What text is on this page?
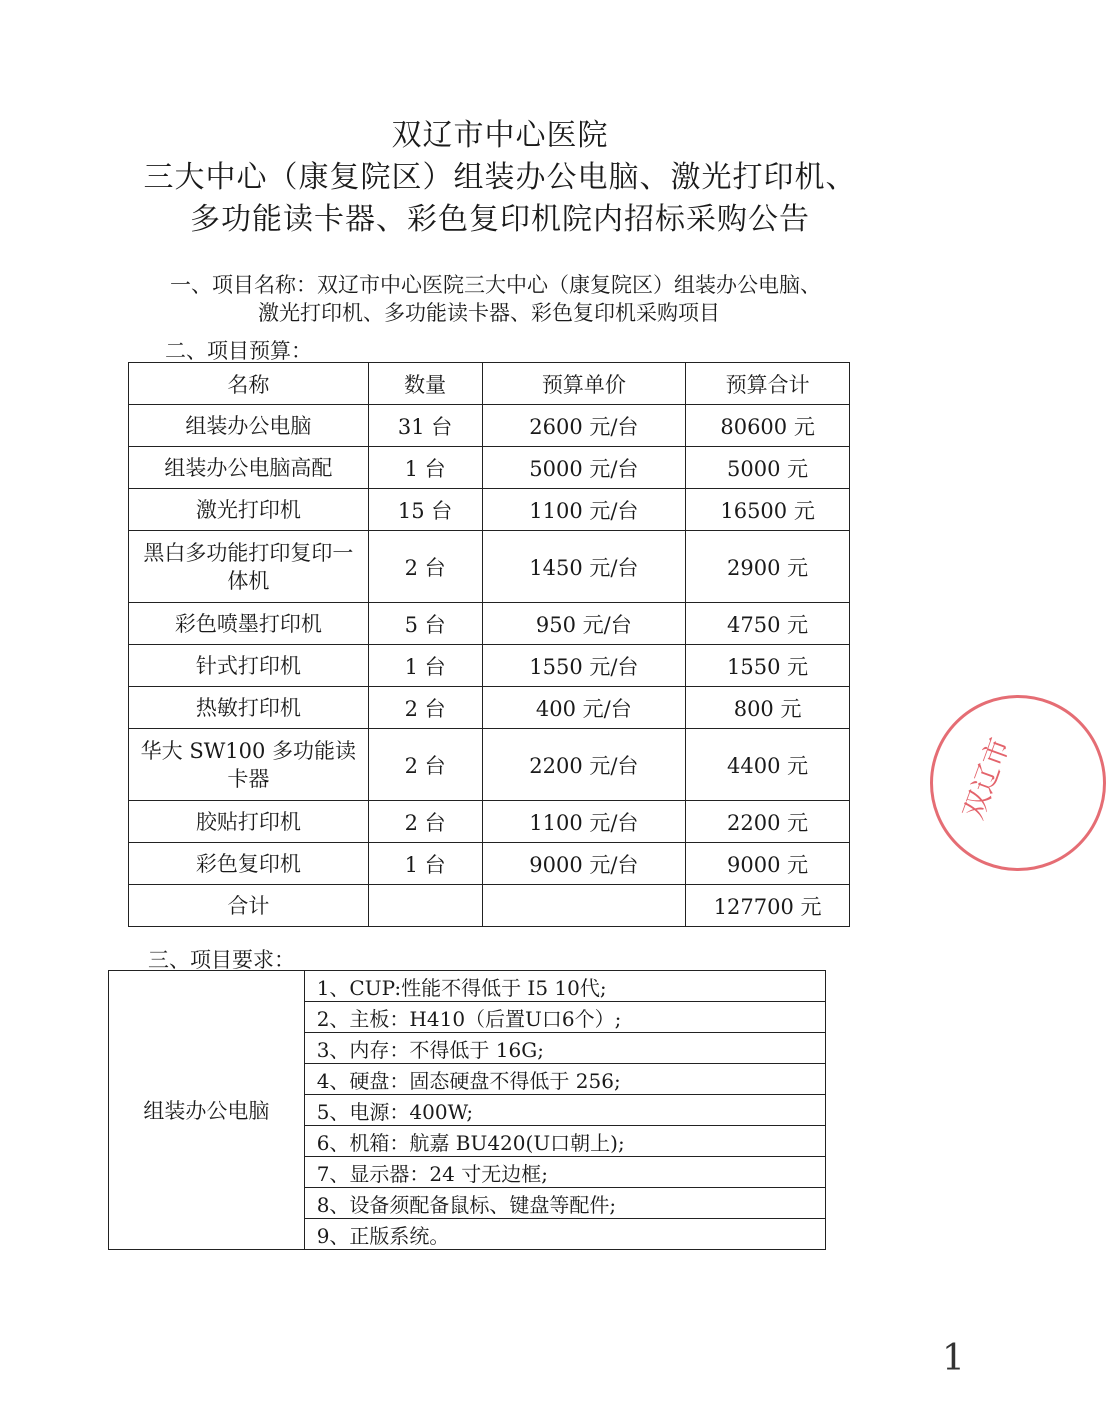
双辽市中心医院
三大中心（康复院区）组装办公电脑、激光打印机、
多功能读卡器、彩色复印机院内招标采购公告
一、项目名称：双辽市中心医院三大中心（康复院区）组装办公电脑、
激光打印机、多功能读卡器、彩色复印机采购项目
二、项目预算：
名称	数量	预算单价	预算合计
组装办公电脑	31 台	2600 元/台	80600 元
组装办公电脑高配	1 台	5000 元/台	5000 元
激光打印机	15 台	1100 元/台	16500 元
黑白多功能打印复印一体机	2 台	1450 元/台	2900 元
彩色喷墨打印机	5 台	950 元/台	4750 元
针式打印机	1 台	1550 元/台	1550 元
热敏打印机	2 台	400 元/台	800 元
华大 SW100 多功能读卡器	2 台	2200 元/台	4400 元
胶贴打印机	2 台	1100 元/台	2200 元
彩色复印机	1 台	9000 元/台	9000 元
合计			127700 元
三、项目要求：
组装办公电脑	1、CUP:性能不得低于 I5 10代;
2、主板：H410（后置U口6个）;
3、内存：不得低于 16G;
4、硬盘：固态硬盘不得低于 256;
5、电源：400W;
6、机箱：航嘉 BU420(U口朝上);
7、显示器：24 寸无边框;
8、设备须配备鼠标、键盘等配件;
9、正版系统。
双辽市
1
